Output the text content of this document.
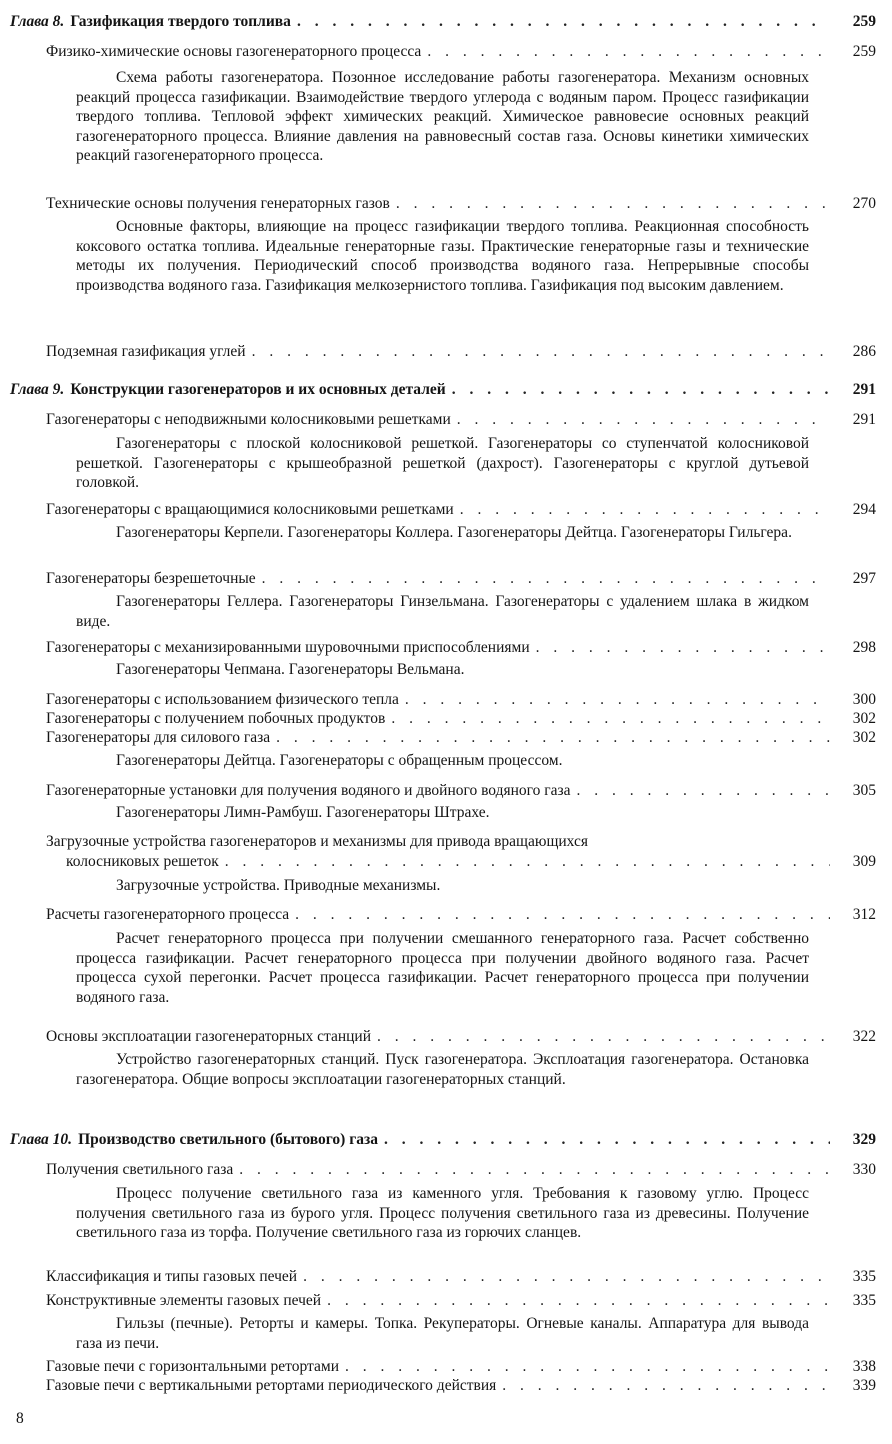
Глава 8. Газификация твердого топлива . . .	259
Физико-химические основы газогенераторного процесса . . .	259
Схема работы газогенератора. Позонное исследование работы газогенератора. Механизм основных реакций процесса газификации. Взаимодействие твердого углерода с водяным паром. Процесс газификации твердого топлива. Тепловой эффект химических реакций. Химическое равновесие основных реакций газогенераторного процесса. Влияние давления на равновесный состав газа. Основы кинетики химических реакций газогенераторного процесса.
Технические основы получения генераторных газов . . .	270
Основные факторы, влияющие на процесс газификации твердого топлива. Реакционная способность коксового остатка топлива. Идеальные генераторные газы. Практические генераторные газы и технические методы их получения. Периодический способ производства водяного газа. Непрерывные способы производства водяного газа. Газификация мелкозернистого топлива. Газификация под высоким давлением.
Подземная газификация углей . . .	286
Глава 9. Конструкции газогенераторов и их основных деталей . . .	291
Газогенераторы с неподвижными колосниковыми решетками . . .	291
Газогенераторы с плоской колосниковой решеткой. Газогенераторы со ступенчатой колосниковой решеткой. Газогенераторы с крышеобразной решеткой (дахрост). Газогенераторы с круглой дутьевой головкой.
Газогенераторы с вращающимися колосниковыми решетками . . .	294
Газогенераторы Керпели. Газогенераторы Коллера. Газогенераторы Дейтца. Газогенераторы Гильгера.
Газогенераторы безрешеточные . . .	297
Газогенераторы Геллера. Газогенераторы Гинзельмана. Газогенераторы с удалением шлака в жидком виде.
Газогенераторы с механизированными шуровочными приспособлениями . . .	298
Газогенераторы Чепмана. Газогенераторы Вельмана.
Газогенераторы с использованием физического тепла . . .	300
Газогенераторы с получением побочных продуктов . . .	302
Газогенераторы для силового газа . . .	302
Газогенераторы Дейтца. Газогенераторы с обращенным процессом.
Газогенераторные установки для получения водяного и двойного водяного газа . . .	305
Газогенераторы Лимн-Рамбуш. Газогенераторы Штрахе.
Загрузочные устройства газогенераторов и механизмы для привода вращающихся
колосниковых решеток . . .	309
Загрузочные устройства. Приводные механизмы.
Расчеты газогенераторного процесса . . .	312
Расчет генераторного процесса при получении смешанного генераторного газа. Расчет собственно процесса газификации. Расчет генераторного процесса при получении двойного водяного газа. Расчет процесса сухой перегонки. Расчет процесса газификации. Расчет генераторного процесса при получении водяного газа.
Основы эксплоатации газогенераторных станций . . .	322
Устройство газогенераторных станций. Пуск газогенератора. Эксплоатация газогенератора. Остановка газогенератора. Общие вопросы эксплоатации газогенераторных станций.
Глава 10. Производство светильного (бытового) газа . . .	329
Получения светильного газа . . .	330
Процесс получение светильного газа из каменного угля. Требования к газовому углю. Процесс получения светильного газа из бурого угля. Процесс получения светильного газа из древесины. Получение светильного газа из торфа. Получение светильного газа из горючих сланцев.
Классификация и типы газовых печей . . .	335
Конструктивные элементы газовых печей . . .	335
Гильзы (печные). Реторты и камеры. Топка. Рекуператоры. Огневые каналы. Аппаратура для вывода газа из печи.
Газовые печи с горизонтальными ретортами . . .	338
Газовые печи с вертикальными ретортами периодического действия . . .	339
8
